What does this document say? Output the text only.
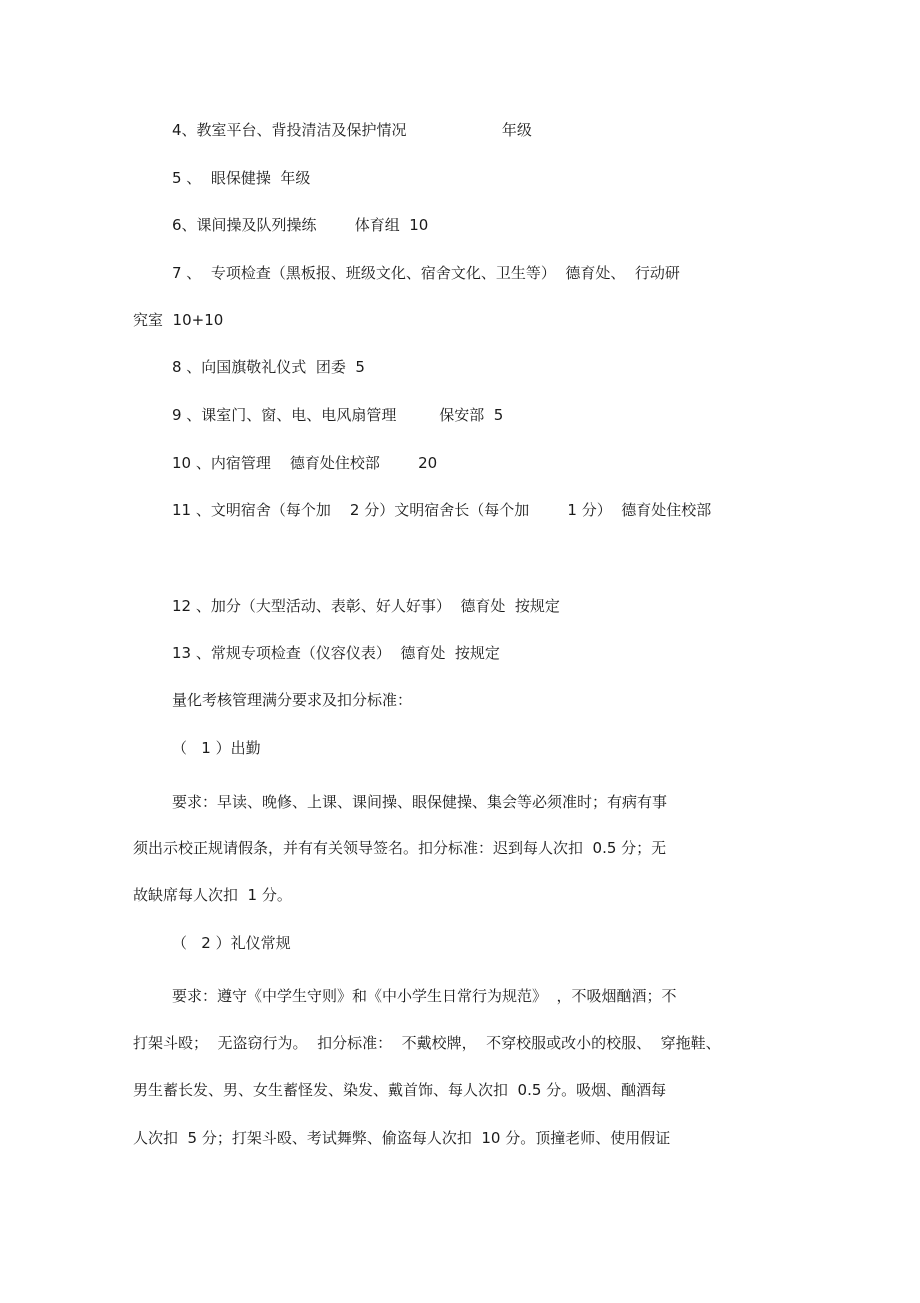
4、教室平台、背投清洁及保护情况                    年级
5 、  眼保健操  年级
6、课间操及队列操练        体育组  10
7 、  专项检查（黑板报、班级文化、宿舍文化、卫生等）  德育处、  行动研
究室  10+10
8 、向国旗敬礼仪式  团委  5
9 、课室门、窗、电、电风扇管理         保安部  5
10 、内宿管理    德育处住校部        20
11 、文明宿舍（每个加    2 分）文明宿舍长（每个加        1 分）  德育处住校部
12 、加分（大型活动、表彰、好人好事）  德育处  按规定
13 、常规专项检查（仪容仪表）  德育处  按规定
量化考核管理满分要求及扣分标准：
（   1 ）出勤
要求：早读、晚修、上课、课间操、眼保健操、集会等必须准时；有病有事
须出示校正规请假条，并有有关领导签名。扣分标准：迟到每人次扣  0.5 分；无
故缺席每人次扣  1 分。
（   2 ）礼仪常规
要求：遵守《中学生守则》和《中小学生日常行为规范》  ，不吸烟酗酒；不
打架斗殴；  无盗窃行为。  扣分标准：  不戴校牌，  不穿校服或改小的校服、  穿拖鞋、
男生蓄长发、男、女生蓄怪发、染发、戴首饰、每人次扣  0.5 分。吸烟、酗酒每
人次扣  5 分；打架斗殴、考试舞弊、偷盗每人次扣  10 分。顶撞老师、使用假证
